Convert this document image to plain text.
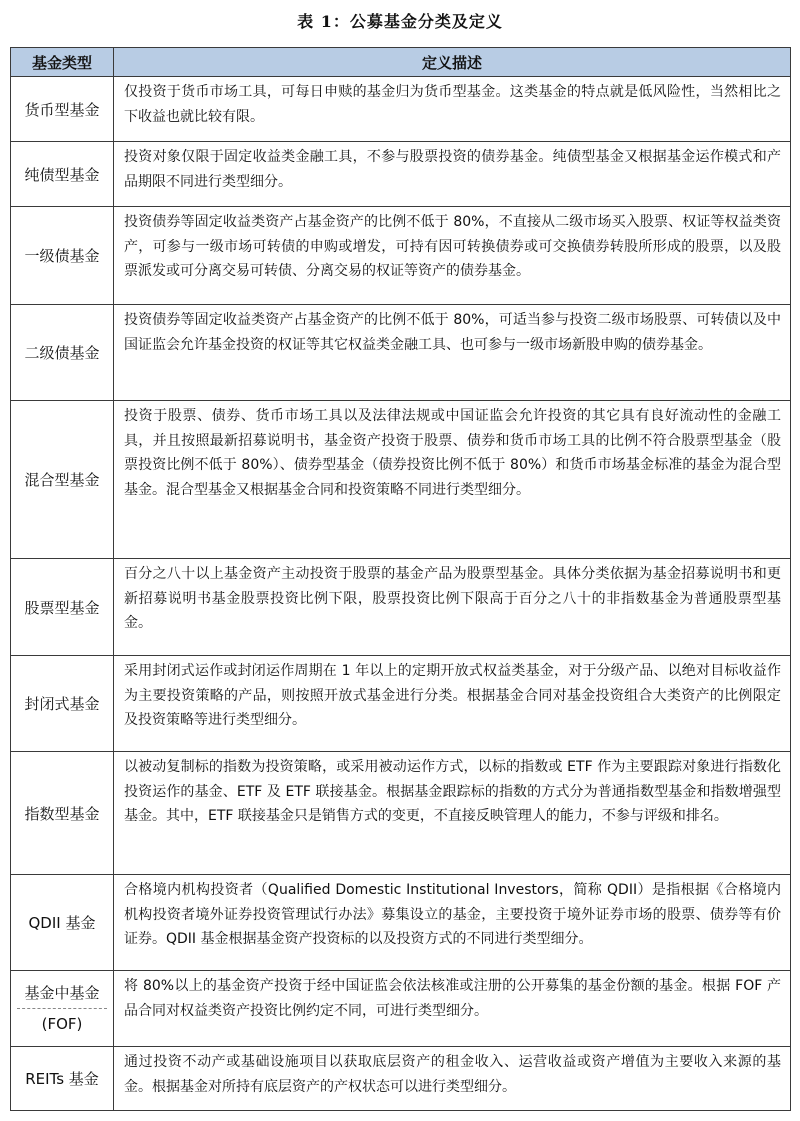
表 1：公募基金分类及定义
基金类型	定义描述
货币型基金	仅投资于货币市场工具，可每日申赎的基金归为货币型基金。这类基金的特点就是低风险性，当然相比之下收益也就比较有限。
纯债型基金	投资对象仅限于固定收益类金融工具，不参与股票投资的债券基金。纯债型基金又根据基金运作模式和产品期限不同进行类型细分。
一级债基金	投资债券等固定收益类资产占基金资产的比例不低于 80%，不直接从二级市场买入股票、权证等权益类资产，可参与一级市场可转债的申购或增发，可持有因可转换债券或可交换债券转股所形成的股票，以及股票派发或可分离交易可转债、分离交易的权证等资产的债券基金。
二级债基金	投资债券等固定收益类资产占基金资产的比例不低于 80%，可适当参与投资二级市场股票、可转债以及中国证监会允许基金投资的权证等其它权益类金融工具、也可参与一级市场新股申购的债券基金。
混合型基金	投资于股票、债券、货币市场工具以及法律法规或中国证监会允许投资的其它具有良好流动性的金融工具，并且按照最新招募说明书，基金资产投资于股票、债券和货币市场工具的比例不符合股票型基金（股票投资比例不低于 80%）、债券型基金（债券投资比例不低于 80%）和货币市场基金标准的基金为混合型基金。混合型基金又根据基金合同和投资策略不同进行类型细分。
股票型基金	百分之八十以上基金资产主动投资于股票的基金产品为股票型基金。具体分类依据为基金招募说明书和更新招募说明书基金股票投资比例下限，股票投资比例下限高于百分之八十的非指数基金为普通股票型基金。
封闭式基金	采用封闭式运作或封闭运作周期在 1 年以上的定期开放式权益类基金，对于分级产品、以绝对目标收益作为主要投资策略的产品，则按照开放式基金进行分类。根据基金合同对基金投资组合大类资产的比例限定及投资策略等进行类型细分。
指数型基金	以被动复制标的指数为投资策略，或采用被动运作方式，以标的指数或 ETF 作为主要跟踪对象进行指数化投资运作的基金、ETF 及 ETF 联接基金。根据基金跟踪标的指数的方式分为普通指数型基金和指数增强型基金。其中，ETF 联接基金只是销售方式的变更，不直接反映管理人的能力，不参与评级和排名。
QDII 基金	合格境内机构投资者（Qualified Domestic Institutional Investors，简称 QDII）是指根据《合格境内机构投资者境外证券投资管理试行办法》募集设立的基金，主要投资于境外证券市场的股票、债券等有价证券。QDII 基金根据基金资产投资标的以及投资方式的不同进行类型细分。

基金中基金
(FOF)	将 80%以上的基金资产投资于经中国证监会依法核准或注册的公开募集的基金份额的基金。根据 FOF 产品合同对权益类资产投资比例约定不同，可进行类型细分。
REITs 基金	通过投资不动产或基础设施项目以获取底层资产的租金收入、运营收益或资产增值为主要收入来源的基金。根据基金对所持有底层资产的产权状态可以进行类型细分。
